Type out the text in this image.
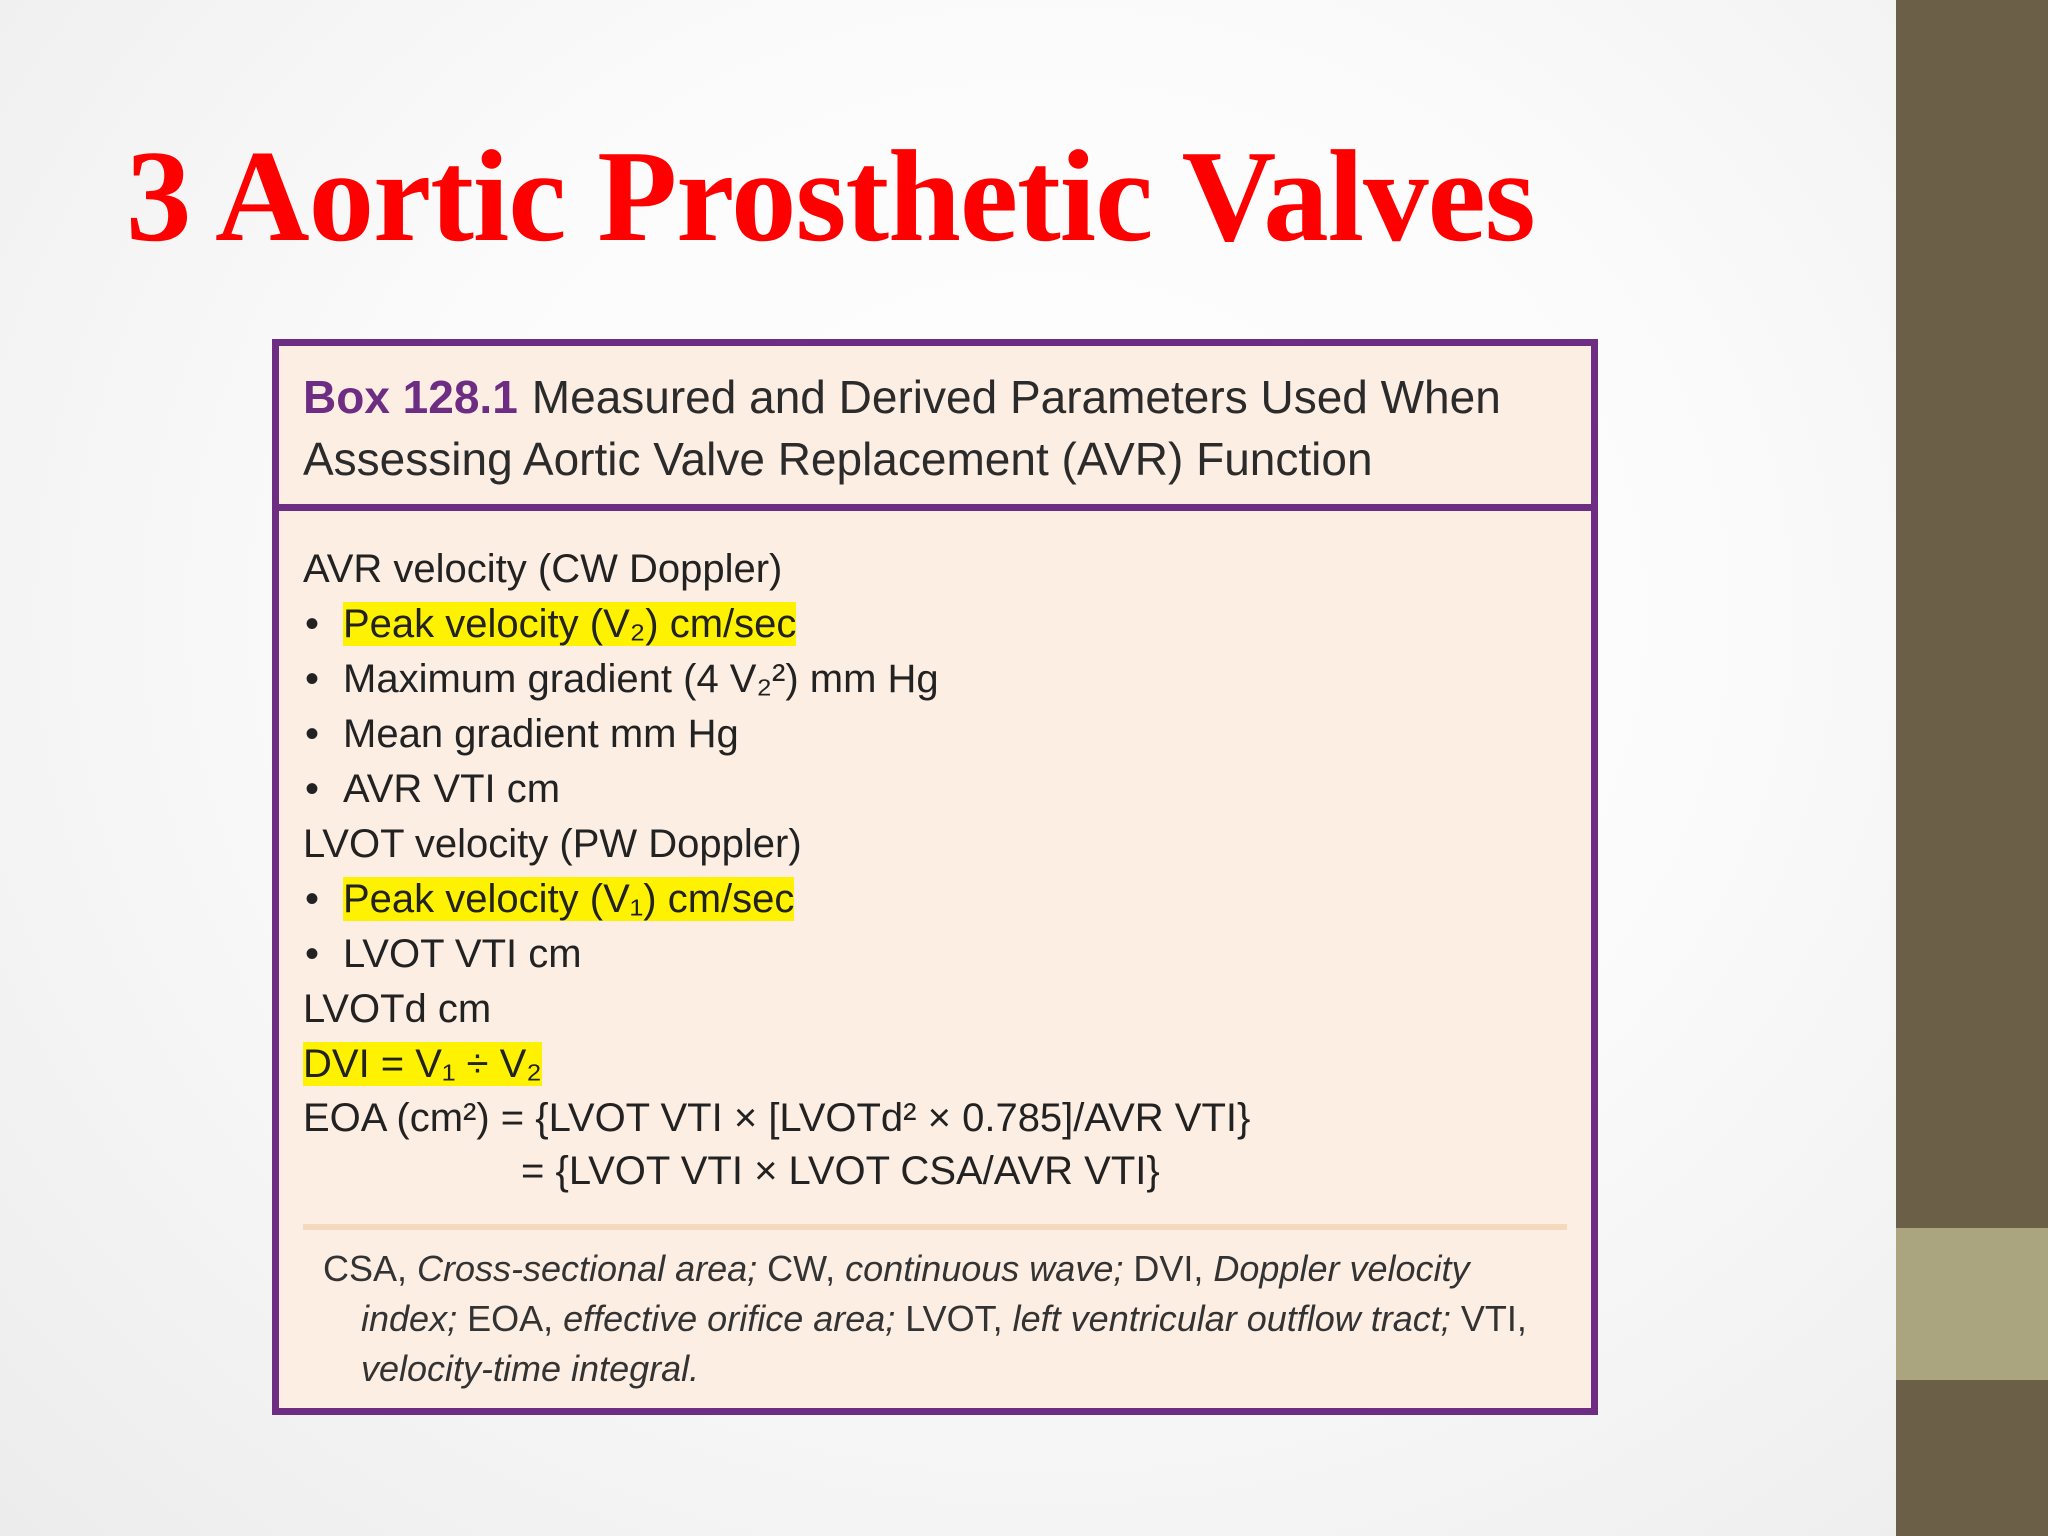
3 Aortic Prosthetic Valves
Box 128.1 Measured and Derived Parameters Used When
Assessing Aortic Valve Replacement (AVR) Function
AVR velocity (CW Doppler)
• Peak velocity (V₂) cm/sec
• Maximum gradient (4 V₂²) mm Hg
• Mean gradient mm Hg
• AVR VTI cm
LVOT velocity (PW Doppler)
• Peak velocity (V₁) cm/sec
• LVOT VTI cm
LVOTd cm
DVI = V₁ ÷ V₂
EOA (cm²) = {LVOT VTI × [LVOTd² × 0.785]/AVR VTI}
= {LVOT VTI × LVOT CSA/AVR VTI}
CSA, Cross-sectional area; CW, continuous wave; DVI, Doppler velocity index; EOA, effective orifice area; LVOT, left ventricular outflow tract; VTI, velocity-time integral.
